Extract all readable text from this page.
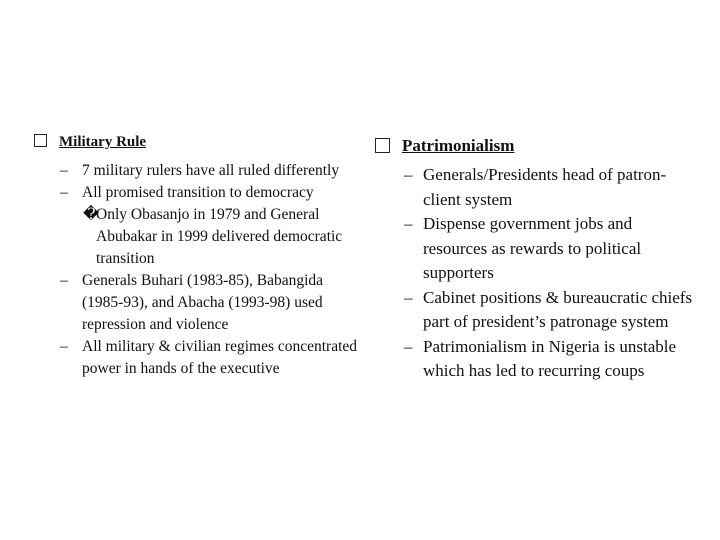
Military Rule
– 7 military rulers have all ruled differently
– All promised transition to democracy
�
Only Obasanjo in 1979 and General Abubakar in 1999 delivered democratic transition
– Generals Buhari (1983-85), Babangida (1985-93), and Abacha (1993-98) used repression and violence
– All military & civilian regimes concentrated power in hands of the executive
Patrimonialism
– Generals/Presidents head of patron-client system
– Dispense government jobs and resources as rewards to political supporters
– Cabinet positions & bureaucratic chiefs part of president’s patronage system
– Patrimonialism in Nigeria is unstable which has led to recurring coups
